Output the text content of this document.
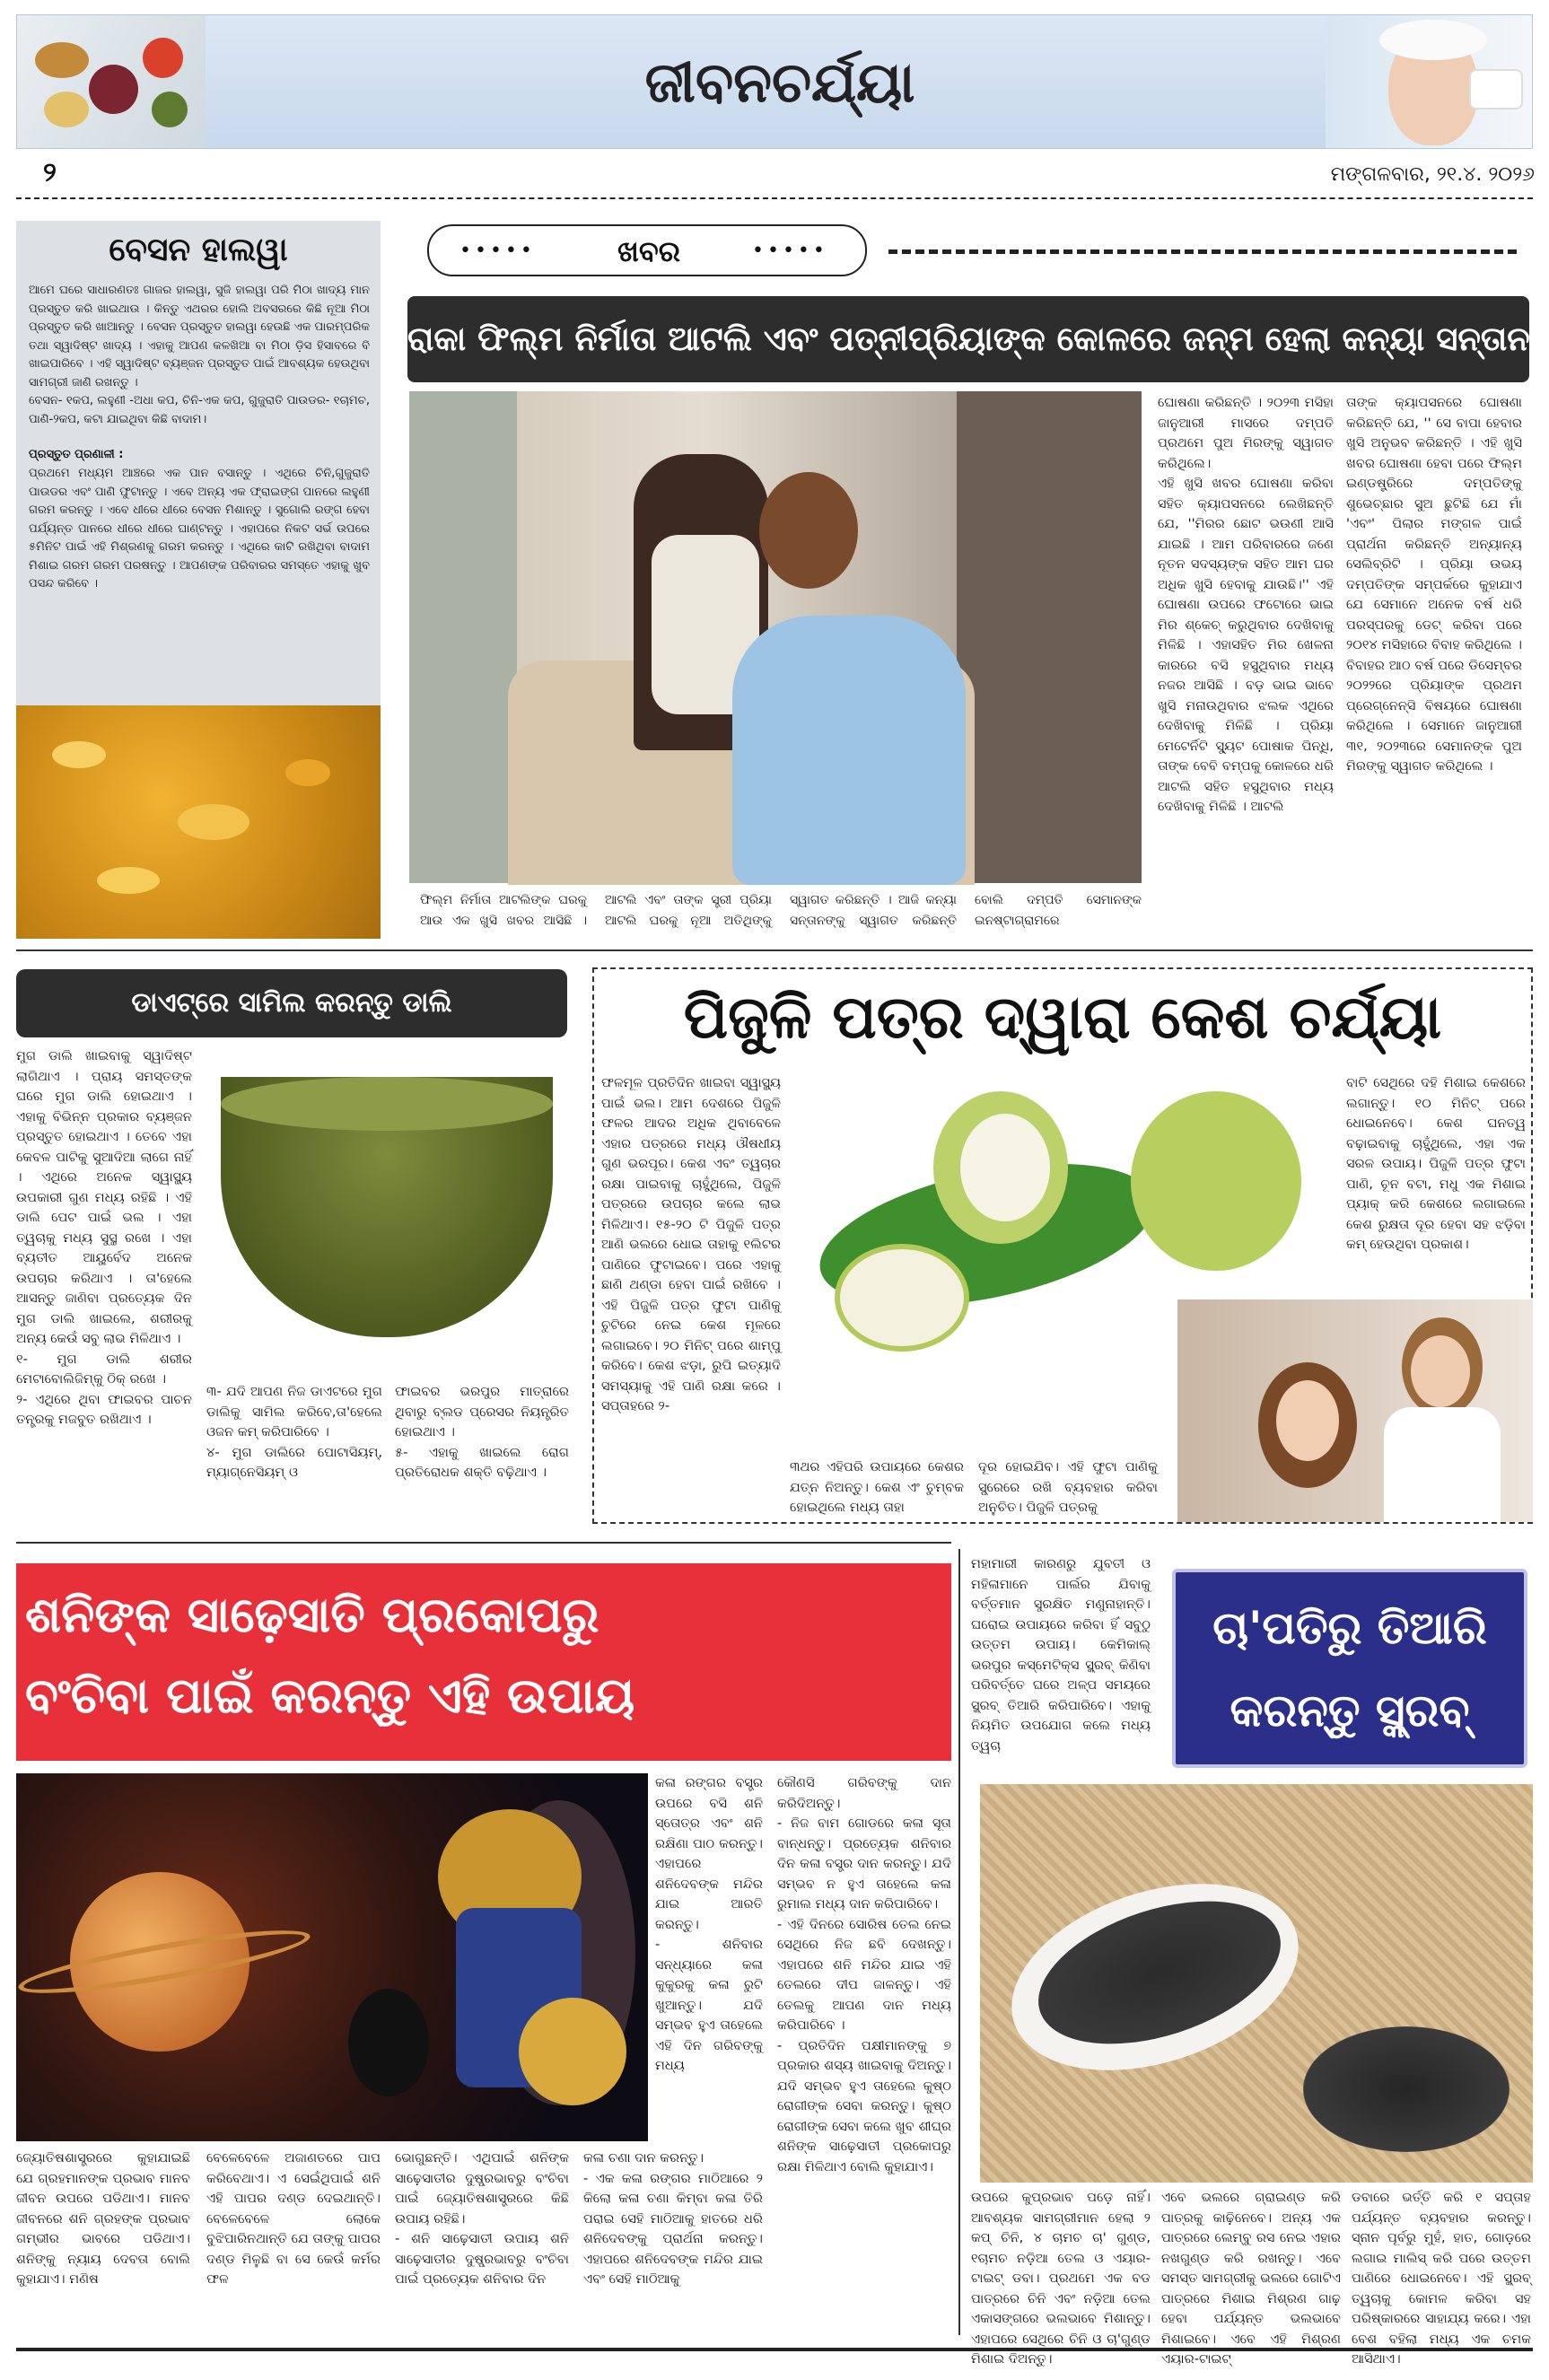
ଜୀବନଚର୍ଯ୍ୟା
୨	ମଙ୍ଗଳବାର, ୨୧.୪. ୨୦୨୬
ବେସନ ହାଲୱା
ଆମେ ଘରେ ସାଧାରଣତଃ ଗାଜର ହାଲୱା, ସୁଜି ହାଲୱା ପରି ମିଠା ଖାଦ୍ୟ ମାନ ପ୍ରସ୍ତୁତ କରି ଖାଇଥାଉ । କିନ୍ତୁ ଏଥରର ହୋଲି ଅବସରରେ କିଛି ନୂଆ ମିଠା ପ୍ରସ୍ତୁତ କରି ଖାଆନ୍ତୁ । ବେସନ ପ୍ରସ୍ତୁତ ହାଲୱା ହେଉଛି ଏକ ପାରମ୍ପରିକ ତଥା ସ୍ୱାଦିଷ୍ଟ ଖାଦ୍ୟ । ଏହାକୁ ଆପଣ କଳଖିଆ ବା ମିଠା ଡ଼ିସ ହିସାବରେ ବି ଖାଇପାରିବେ । ଏହି ସ୍ୱାଦିଷ୍ଟ ବ୍ୟଞ୍ଜନ ପ୍ରସ୍ତୁତ ପାଇଁ ଆବଶ୍ୟକ ହେଉଥିବା ସାମଗ୍ରୀ ଜାଣି ରଖନ୍ତୁ ।
ବେସନ- ୧କପ, ଲହୁଣୀ -ଅଧା କପ, ଚିନି-ଏକ କପ, ଗୁଜୁରାତି ପାଉଡର- ୧ଚାମଚ, ପାଣି-୨କପ, କଟା ଯାଇଥିବା କିଛି ବାଦାମ।
ପ୍ରସ୍ତୁତ ପ୍ରଣାଳୀ :
ପ୍ରଥମେ ମଧ୍ୟମ ଆଞ୍ଚରେ ଏକ ପାନ ବସାନ୍ତୁ । ଏଥିରେ ଚିନି,ଗୁଜୁରାତି ପାଉଡର ଏବଂ ପାଣି ଫୁଟାନ୍ତୁ । ଏବେ ଅନ୍ୟ ଏକ ଫ୍ରାଇଙ୍ଗ ପାନରେ ଲହୁଣୀ ଗରମ କରନ୍ତୁ । ଏବେ ଧୀରେ ଧୀରେ ବେସନ ମିଶାନ୍ତୁ । ସୁଗୋଲି ରଙ୍ଗ ହେବା ପର୍ଯ୍ୟନ୍ତ ପାନରେ ଧୀରେ ଧୀରେ ଘାଣ୍ଟନ୍ତୁ । ଏହାପରେ ନିକଟ ସର୍ଭ ଉପରେ ୫ମିନିଟ ପାଇଁ ଏହି ମିଶ୍ରଣକୁ ଗରମ କରନ୍ତୁ । ଏଥିରେ କାଟି ରଖିଥିବା ବାଦାମ ମିଶାଇ ଗରମ ଗରମ ପରଷନ୍ତୁ । ଆପଣଙ୍କ ପରିବାରର ସମସ୍ତେ ଏହାକୁ ଖୁବ ପସନ୍ଦ କରିବେ ।
•••••	ଖବର	•••••
ରାକା ଫିଲ୍ମ ନିର୍ମାତା ଆଟଲି ଏବଂ ପତ୍ନୀପ୍ରିୟାଙ୍କ କୋଳରେ ଜନ୍ମ ହେଲା କନ୍ୟା ସନ୍ତାନ
ଫିଲ୍ମ ନିର୍ମାତା ଆଟଲିଙ୍କ ଘରକୁ ଆଉ ଏକ ଖୁସି ଖବର ଆସିଛି । ଆଟଲି ଏବଂ ତାଙ୍କ ସ୍ତ୍ରୀ ପ୍ରିୟା ଆଟଲି ଘରକୁ ନୂଆ ଅତିଥିଙ୍କୁ ସ୍ୱାଗତ କରିଛନ୍ତି । ଆଜି କନ୍ୟା ସନ୍ତାନଙ୍କୁ ସ୍ୱାଗତ କରିଛନ୍ତି ବୋଲି ଦମ୍ପତି ସେମାନଙ୍କ ଇନଷ୍ଟାଗ୍ରାମରେ
ଘୋଷଣା କରିଛନ୍ତି । ୨୦୨୩ ମସିହା ଜାନୁଆରୀ ମାସରେ ଦମ୍ପତି ପ୍ରଥମେ ପୁଅ ମିରଙ୍କୁ ସ୍ୱାଗତ କରିଥିଲେ।
ଏହି ଖୁସି ଖବର ଘୋଷଣା କରିବା ସହିତ କ୍ୟାପସନରେ ଲେଖିଛନ୍ତି ଯେ, ''ମିରର ଛୋଟ ଭଉଣୀ ଆସି ଯାଇଛି । ଆମ ପରିବାରରେ ଜଣେ ନୂତନ ସଦସ୍ୟଙ୍କ ସହିତ ଆମ ଘର ଅଧିକ ଖୁସି ହେବାକୁ ଯାଉଛି।'' ଏହି ଘୋଷଣା ଉପରେ ଫଟୋରେ ଭାଇ ମିର ଶ୍କେଚ୍ କରୁଥିବାର ଦେଖିବାକୁ ମିଳିଛି । ଏହାସହିତ ମିର ଖେଳନା କାରରେ ବସି ହସୁଥିବାର ମଧ୍ୟ ନଜର ଆସିଛି । ବଡ଼ ଭାଇ ଭାବେ ଖୁସି ମନାଉଥିବାର ଝଲକ ଏଥିରେ ଦେଖିବାକୁ ମିଳିଛି । ପ୍ରିୟା ମେଟେର୍ନିଟି ସ୍ୟୁଟ ପୋଷାକ ପିନ୍ଧି, ତାଙ୍କ ବେବି ବମ୍ପକୁ କୋଳରେ ଧରି ଆଟଲି ସହିତ ହସୁଥିବାର ମଧ୍ୟ ଦେଖିବାକୁ ମିଳିଛି । ଆଟଲି
ତାଙ୍କ କ୍ୟାପସନରେ ଘୋଷଣା କରିଛନ୍ତି ଯେ, '' ସେ ବାପା ହେବାର ଖୁସି ଅନୁଭବ କରିଛନ୍ତି । ଏହି ଖୁସି ଖବର ଘୋଷଣା ହେବା ପରେ ଫିଲ୍ମ ଇଣ୍ଡଷ୍ଟ୍ରିରେ ଦମ୍ପତିଙ୍କୁ ଶୁଭେଚ୍ଛାର ସୁଅ ଛୁଟିଛି ଯେ ମାଁ 'ଏବଂ' ପିଲାର ମଙ୍ଗଳ ପାଇଁ ପ୍ରାର୍ଥନା କରିଛନ୍ତି ଅନ୍ୟାନ୍ୟ ସେଲିବ୍ରିଟି । ପ୍ରିୟା ଉଭୟ ଦମ୍ପତିଙ୍କ ସମ୍ପର୍କରେ କୁହାଯାଏ ଯେ ସେମାନେ ଅନେକ ବର୍ଷ ଧରି ପରସ୍ପରକୁ ଡେଟ୍ କରିବା ପରେ ୨୦୧୪ ମସିହାରେ ବିବାହ କରିଥିଲେ । ବିବାହର ଆଠ ବର୍ଷ ପରେ ଡିସେମ୍ବର ୨୦୨୨ରେ ପ୍ରିୟାଙ୍କ ପ୍ରଥମ ପ୍ରେଗ୍ନେନ୍ସି ବିଷୟରେ ଘୋଷଣା କରିଥିଲେ । ସେମାନେ ଜାନୁଆରୀ ୩୧, ୨୦୨୩ରେ ସେମାନଙ୍କ ପୁଅ ମିରଙ୍କୁ ସ୍ୱାଗତ କରିଥିଲେ ।
ଡାଏଟ୍‌ରେ ସାମିଲ କରନ୍ତୁ ଡାଲି
ମୁଗ ଡାଲି ଖାଇବାକୁ ସ୍ୱାଦିଷ୍ଟ ଲାଗିଥାଏ । ପ୍ରାୟ ସମସ୍ତଙ୍କ ଘରେ ମୁଗ ଡାଲି ହୋଇଥାଏ । ଏହାକୁ ବିଭିନ୍ନ ପ୍ରକାର ବ୍ୟଞ୍ଜନ ପ୍ରସ୍ତୁତ ହୋଇଥାଏ । ତେବେ ଏହା କେବଳ ପାଟିକୁ ସୁଆଦିଆ ଲାଗେ ନାହିଁ । ଏଥିରେ ଅନେକ ସ୍ୱାସ୍ଥ୍ୟ ଉପକାରୀ ଗୁଣ ମଧ୍ୟ ରହିଛି । ଏହି ଡାଲି ପେଟ ପାଇଁ ଭଲ । ଏହା ତ୍ୱଚାକୁ ମଧ୍ୟ ସୁସ୍ଥ ରଖେ । ଏହା ବ୍ୟତୀତ ଆୟୁର୍ବେଦ ଅନେକ ଉପଚାର କରିଥାଏ । ତା'ହେଲେ ଆସନ୍ତୁ ଜାଣିବା ପ୍ରତ୍ୟେକ ଦିନ ମୁଗ ଡାଲି ଖାଇଲେ, ଶରୀରକୁ ଅନ୍ୟ କେଉଁ ସବୁ ଲାଭ ମିଳିଥାଏ ।
୧- ମୁଗ ଡାଲି ଶରୀର ମେଟାବୋଲିଜିମ୍‌କୁ ଠିକ୍ ରଖେ ।
୨- ଏଥିରେ ଥିବା ଫାଇବର ପାଚନ ତନ୍ତ୍ରକୁ ମଜବୁତ ରଖିଥାଏ ।
୩- ଯଦି ଆପଣ ନିଜ ଡାଏଟରେ ମୁଗ ଡାଲିକୁ ସାମିଲ କରିବେ,ତା'ହେଲେ ଓଜନ କମ୍ କରିପାରିବେ ।
୪- ମୁଗ ଡାଲିରେ ପୋଟାସିୟମ୍, ମ୍ୟାଗ୍ନେସିୟମ୍ ଓ
ଫାଇବର ଭରପୁର ମାତ୍ରାରେ ଥିବାରୁ ବ୍ଲଡ ପ୍ରେସର ନିୟନ୍ତ୍ରିତ ହୋଇଥାଏ ।
୫- ଏହାକୁ ଖାଇଲେ ରୋଗ ପ୍ରତିରୋଧକ ଶକ୍ତି ବଢ଼ିଥାଏ ।
ପିଜୁଳି ପତ୍ର ଦ୍ୱାରା କେଶ ଚର୍ଯ୍ୟା
ଫଳମୂଳ ପ୍ରତିଦିନ ଖାଇବା ସ୍ୱାସ୍ଥ୍ୟ ପାଇଁ ଭଲ। ଆମ ଦେଶରେ ପିଜୁଳି ଫଳର ଆଦର ଅଧିକ ଥିବାବେଳେ ଏହାର ପତ୍ରରେ ମଧ୍ୟ ଔଷଧୀୟ ଗୁଣ ଭରପୂର। କେଶ ଏବଂ ତ୍ୱଚାର ରକ୍ଷା ପାଇବାକୁ ଚାହୁଁଥିଲେ, ପିଜୁଳି ପତ୍ରରେ ଉପଚାର କଲେ ଲାଭ ମିଳିଥାଏ। ୧୫-୨୦ ଟି ପିଜୁଳି ପତ୍ର ଆଣି ଭଲରେ ଧୋଇ ତାହାକୁ ୧ଲିଟର ପାଣିରେ ଫୁଟାଇବେ। ପରେ ଏହାକୁ ଛାଣି ଥଣ୍ଡା ହେବା ପାଇଁ ରଖିବେ । ଏହି ପିଜୁଳି ପତ୍ର ଫୁଟା ପାଣିକୁ ଚୁଟିରେ ନେଇ କେଶ ମୂଳରେ ଲଗାଇବେ। ୨୦ ମିନିଟ୍ ପରେ ଶାମ୍ପୁ କରିବେ। କେଶ ଝଡ଼ା, ରୁପି ଇତ୍ୟାଦି ସମସ୍ୟାକୁ ଏହି ପାଣି ରକ୍ଷା କରେ । ସପ୍ତାହରେ ୨-
୩ଥର ଏହିପରି ଉପାୟରେ କେଶର ଯତ୍ନ ନିଅନ୍ତୁ। କେଶ ଏଂ ଚୁମ୍ବକ ହୋଇଥିଲେ ମଧ୍ୟ ତାହା
ଦୂର ହୋଇଯିବ। ଏହି ଫୁଟା ପାଣିକୁ ସ୍ପ୍ରେରେ ରଖି ବ୍ୟବହାର କରିବା ଅନୁଚିତ। ପିଜୁଳି ପତ୍ରକୁ
ବାଟି ସେଥିରେ ଦହି ମିଶାଇ କେଶରେ ଲଗାନ୍ତୁ। ୧୦ ମିନିଟ୍ ପରେ ଧୋଇନେବେ। କେଶ ଘନତ୍ୱ ବଢ଼ାଇବାକୁ ଚାହୁଁଥିଲେ, ଏହା ଏକ ସରଳ ଉପାୟ। ପିଜୁଳି ପତ୍ର ଫୁଟା ପାଣି, ଚୂନ ବଟା, ମଧୁ ଏକ ମିଶାଇ ପ୍ୟାକ୍ କରି କେଶରେ ଲଗାଇଲେ କେଶ ରୁକ୍ଷତା ଦୂର ହେବା ସହ ଝଡ଼ିବା କମ୍ ହେଉଥିବା ପ୍ରକାଶ।
ଶନିଙ୍କ ସାଢ଼େସାତି ପ୍ରକୋପରୁ
ବଂଚିବା ପାଇଁ କରନ୍ତୁ ଏହି ଉପାୟ
କଳା ରଙ୍ଗର ବସ୍ତ୍ର ଉପରେ ବସି ଶନି ସ୍ତୋତ୍ର ଏବଂ ଶନି ରକ୍ଷିଣା ପାଠ କରନ୍ତୁ। ଏହାପରେ ଶନିଦେବଙ୍କ ମନ୍ଦିର ଯାଇ ଆରତି କରନ୍ତୁ।
- ଶନିବାର ସନ୍ଧ୍ୟାରେ କଳା କୁକୁରକୁ କଳା ରୁଟି ଖୁଆନ୍ତୁ। ଯଦି ସମ୍ଭବ ହୁଏ ତାହେଲେ ଏହି ଦିନ ଗରିବଙ୍କୁ ମଧ୍ୟ
କୌଣସି ଗରିବଙ୍କୁ ଦାନ କରିଦିଅନ୍ତୁ।
- ନିଜ ବାମ ଗୋଡରେ କଳା ସୂତା ବାନ୍ଧନ୍ତୁ। ପ୍ରତ୍ୟେକ ଶନିବାର ଦିନ କଳା ବସ୍ତ୍ର ଦାନ କରନ୍ତୁ। ଯଦି ସମ୍ଭବ ନ ହୁଏ ତାହେଲେ କଳା ରୁମାଲ ମଧ୍ୟ ଦାନ କରିପାରିବେ।
- ଏହି ଦିନରେ ସୋରିଷ ତେଲ ନେଇ ସେଥିରେ ନିଜ ଛବି ଦେଖନ୍ତୁ। ଏହାପରେ ଶନି ମନ୍ଦିର ଯାଇ ଏହି ତେଲରେ ଦୀପ ଜାଳନ୍ତୁ। ଏହି ତେଲକୁ ଆପଣ ଦାନ ମଧ୍ୟ କରିପାରିବେ ।
- ପ୍ରତିଦିନ ପକ୍ଷୀମାନଙ୍କୁ ୭ ପ୍ରକାର ଶସ୍ୟ ଖାଇବାକୁ ଦିଅନ୍ତୁ। ଯଦି ସମ୍ଭବ ହୁଏ ତାହେଲେ କୁଷ୍ଠ ରୋଗୀଙ୍କ ସେବା କରନ୍ତୁ। କୁଷ୍ଠ ରୋଗୀଙ୍କ ସେବା କଲେ ଖୁବ ଶୀଘ୍ର ଶନିଙ୍କ ସାଢ଼େସାତୀ ପ୍ରକୋପରୁ ରକ୍ଷା ମିଳିଥାଏ ବୋଲି କୁହାଯାଏ।
ଜ୍ୟୋତିଷଶାସ୍ତ୍ରରେ କୁହାଯାଇଛି ଯେ ଗ୍ରହମାନଙ୍କ ପ୍ରଭାବ ମାନବ ଜୀବନ ଉପରେ ପଡିଥାଏ। ମାନବ ଜୀବନରେ ଶନି ଗ୍ରହଙ୍କ ପ୍ରଭାବ ଗମ୍ଭୀର ଭାବରେ ପଡିଥାଏ। ଶନିଙ୍କୁ ନ୍ୟାୟ ଦେବତା ବୋଲି କୁହାଯାଏ। ମଣିଷ
ବେଳେବେଳେ ଅଜାଣତରେ ପାପ କରିବେଥାଏ। ଏ ସେଇଁଥିପାଇଁ ଶନି ଏହି ପାପର ଦଣ୍ଡ ଦେଇଥାନ୍ତି। ବେଳେବେଳେ ଲୋକେ ବୁଝିପାରିନଥାନ୍ତି ଯେ ତାଙ୍କୁ ପାପର ଦଣ୍ଡ ମିଳୁଛି ବା ସେ କେଉଁ କର୍ମର ଫଳ
ଭୋଗୁଛନ୍ତି। ଏଥିପାଇଁ ଶନିଙ୍କ ସାଢ଼େସାତୀର ଦୁଷ୍ପ୍ରଭାବରୁ ବଂଚିବା ପାଇଁ ଜ୍ୟୋତିଷଶାସ୍ତ୍ରରେ କିଛି ଉପାୟ ରହିଛି।
- ଶନି ସାଢ଼େସାତୀ ଉପାୟ ଶନି ସାଢ଼େସାତୀର ଦୁଷ୍ପ୍ରଭାବରୁ ବଂଚିବା ପାଇଁ ପ୍ରତ୍ୟେକ ଶନିବାର ଦିନ
କଳା ଚଣା ଦାନ କରନ୍ତୁ।
- ଏକ କଳା ରଙ୍ଗର ମାଠିଆରେ ୨ କିଲୋ କଳା ଚଣା କିମ୍ବା କଳା ତିରି ପରାଇ ସେହି ମାଠିଆକୁ ହାତରେ ଧରି ଶନିଦେବଙ୍କୁ ପ୍ରାର୍ଥନା କରନ୍ତୁ। ଏହାପରେ ଶନିଦେବଙ୍କ ମନ୍ଦିର ଯାଇ ଏବଂ ସେହି ମାଠିଆକୁ
ମହାମାରୀ କାରଣରୁ ଯୁବତୀ ଓ ମହିଳାମାନେ ପାର୍ଲର ଯିବାକୁ ବର୍ତ୍ତମାନ ସୁରକ୍ଷିତ ମଣୁନାହାନ୍ତି। ଘରୋଇ ଉପାୟରେ କରିବା ହିଁ ସବୁଠୁ ଉତ୍ତମ ଉପାୟ। କେମିକାଲ୍ ଭରପୁର କସ୍ମେଟିକ୍ସ ସ୍କ୍ରବ୍ କିଣିବା ପରିବର୍ତ୍ତେ ଘରେ ଅଳ୍ପ ସମୟରେ ସ୍କ୍ରବ୍ ତିଆରି କରିପାରିବେ। ଏହାକୁ ନିୟମିତ ଉପଯୋଗ କଲେ ମଧ୍ୟ ତ୍ୱଚା
ଚା'ପତିରୁ ତିଆରି
କରନ୍ତୁ ସ୍କ୍ରବ୍
ଉପରେ କୁପ୍ରଭାବ ପଡ଼େ ନାହିଁ। ଆବଶ୍ୟକ ସାମଗ୍ରୀମାନ ହେଲା ୨ କପ୍ ଚିନି, ୪ ଚାମଚ ଚା' ଗୁଣ୍ଡ, ୧ଚାମଚ ନଡ଼ିଆ ତେଲ ଓ ଏୟାର-ଟାଇଟ୍ ଡବା। ପ୍ରଥମେ ଏକ ବଡ ପାତ୍ରରେ ଚିନି ଏବଂ ନଡ଼ିଆ ତେଲ ଏକାସଙ୍ଗରେ ଭଲଭାବେ ମିଶାନ୍ତୁ। ଏହାପରେ ସେଥିରେ ଚିନି ଓ ଚା'ଗୁଣ୍ଡ ମିଶାଇ ଦିଅନ୍ତୁ।
ଏବେ ଭଲରେ ଗ୍ରାଇଣ୍ଡ କରି ପାତ୍ରକୁ କାଢ଼ିନେବେ। ଅନ୍ୟ ଏକ ପାତ୍ରରେ ଲେମ୍ବୁ ରସ ନେଇ ଏହାର ନଖଗୁଣ୍ଡ କରି ରଖନ୍ତୁ। ଏବେ ସମସ୍ତ ସାମଗ୍ରୀକୁ ଭଲରେ ଗୋଟିଏ ପାତ୍ରରେ ମିଶାଇ ମିଶ୍ରଣ ଗାଢ଼ ହେବା ପର୍ଯ୍ୟନ୍ତ ଭଲଭାବେ ମିଶାଇବେ। ଏବେ ଏହି ମିଶ୍ରଣ ଏୟାର-ଟାଇଟ୍
ଡବାରେ ଭର୍ତ୍ତି କରି ୧ ସପ୍ତାହ ପର୍ଯ୍ୟନ୍ତ ବ୍ୟବହାର କରନ୍ତୁ। ସ୍ନାନ ପୂର୍ବରୁ ମୁହଁ, ହାତ, ଗୋଡ଼ରେ ଲଗାଇ ମାଲିସ୍ କରି ପରେ ଉତ୍ତମ ପାଣିରେ ଧୋଇନେବେ। ଏହି ସ୍କ୍ରବ୍ ତ୍ୱଚାକୁ କୋମଳ କରିବା ସହ ପରିଷ୍କାରରେ ସାହାଯ୍ୟ କରେ। ଏହା ବେଶ ବହିଲା ମଧ୍ୟ ଏକ ଚମକ ଆସିଥାଏ।
